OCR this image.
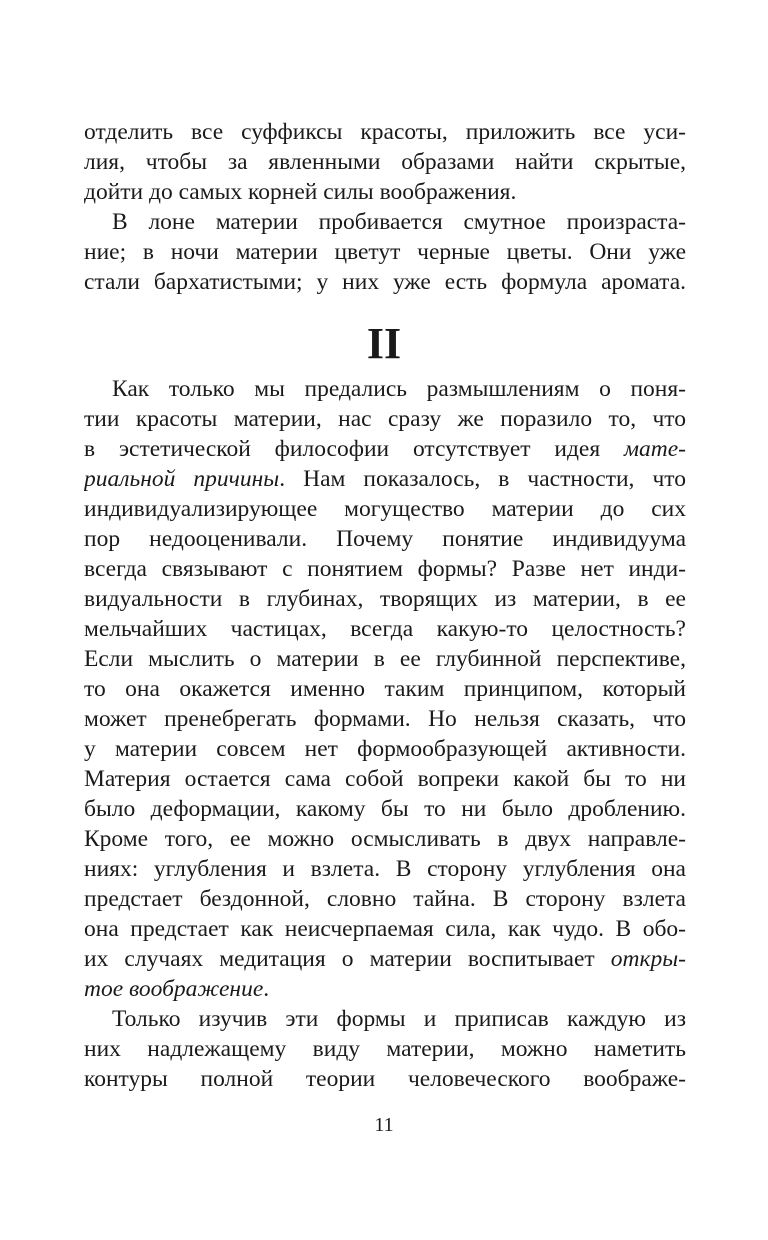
отделить все суффиксы красоты, приложить все уси-
лия, чтобы за явленными образами найти скрытые,
дойти до самых корней силы воображения.
В лоне материи пробивается смутное произраста-
ние; в ночи материи цветут черные цветы. Они уже
стали бархатистыми; у них уже есть формула аромата.
II
Как только мы предались размышлениям о поня-
тии красоты материи, нас сразу же поразило то, что
в эстетической философии отсутствует идея мате-
риальной причины. Нам показалось, в частности, что
индивидуализирующее могущество материи до сих
пор недооценивали. Почему понятие индивидуума
всегда связывают с понятием формы? Разве нет инди-
видуальности в глубинах, творящих из материи, в ее
мельчайших частицах, всегда какую-то целостность?
Если мыслить о материи в ее глубинной перспективе,
то она окажется именно таким принципом, который
может пренебрегать формами. Но нельзя сказать, что
у материи совсем нет формообразующей активности.
Материя остается сама собой вопреки какой бы то ни
было деформации, какому бы то ни было дроблению.
Кроме того, ее можно осмысливать в двух направле-
ниях: углубления и взлета. В сторону углубления она
предстает бездонной, словно тайна. В сторону взлета
она предстает как неисчерпаемая сила, как чудо. В обо-
их случаях медитация о материи воспитывает откры-
тое воображение.
Только изучив эти формы и приписав каждую из
них надлежащему виду материи, можно наметить
контуры полной теории человеческого воображе-
11
